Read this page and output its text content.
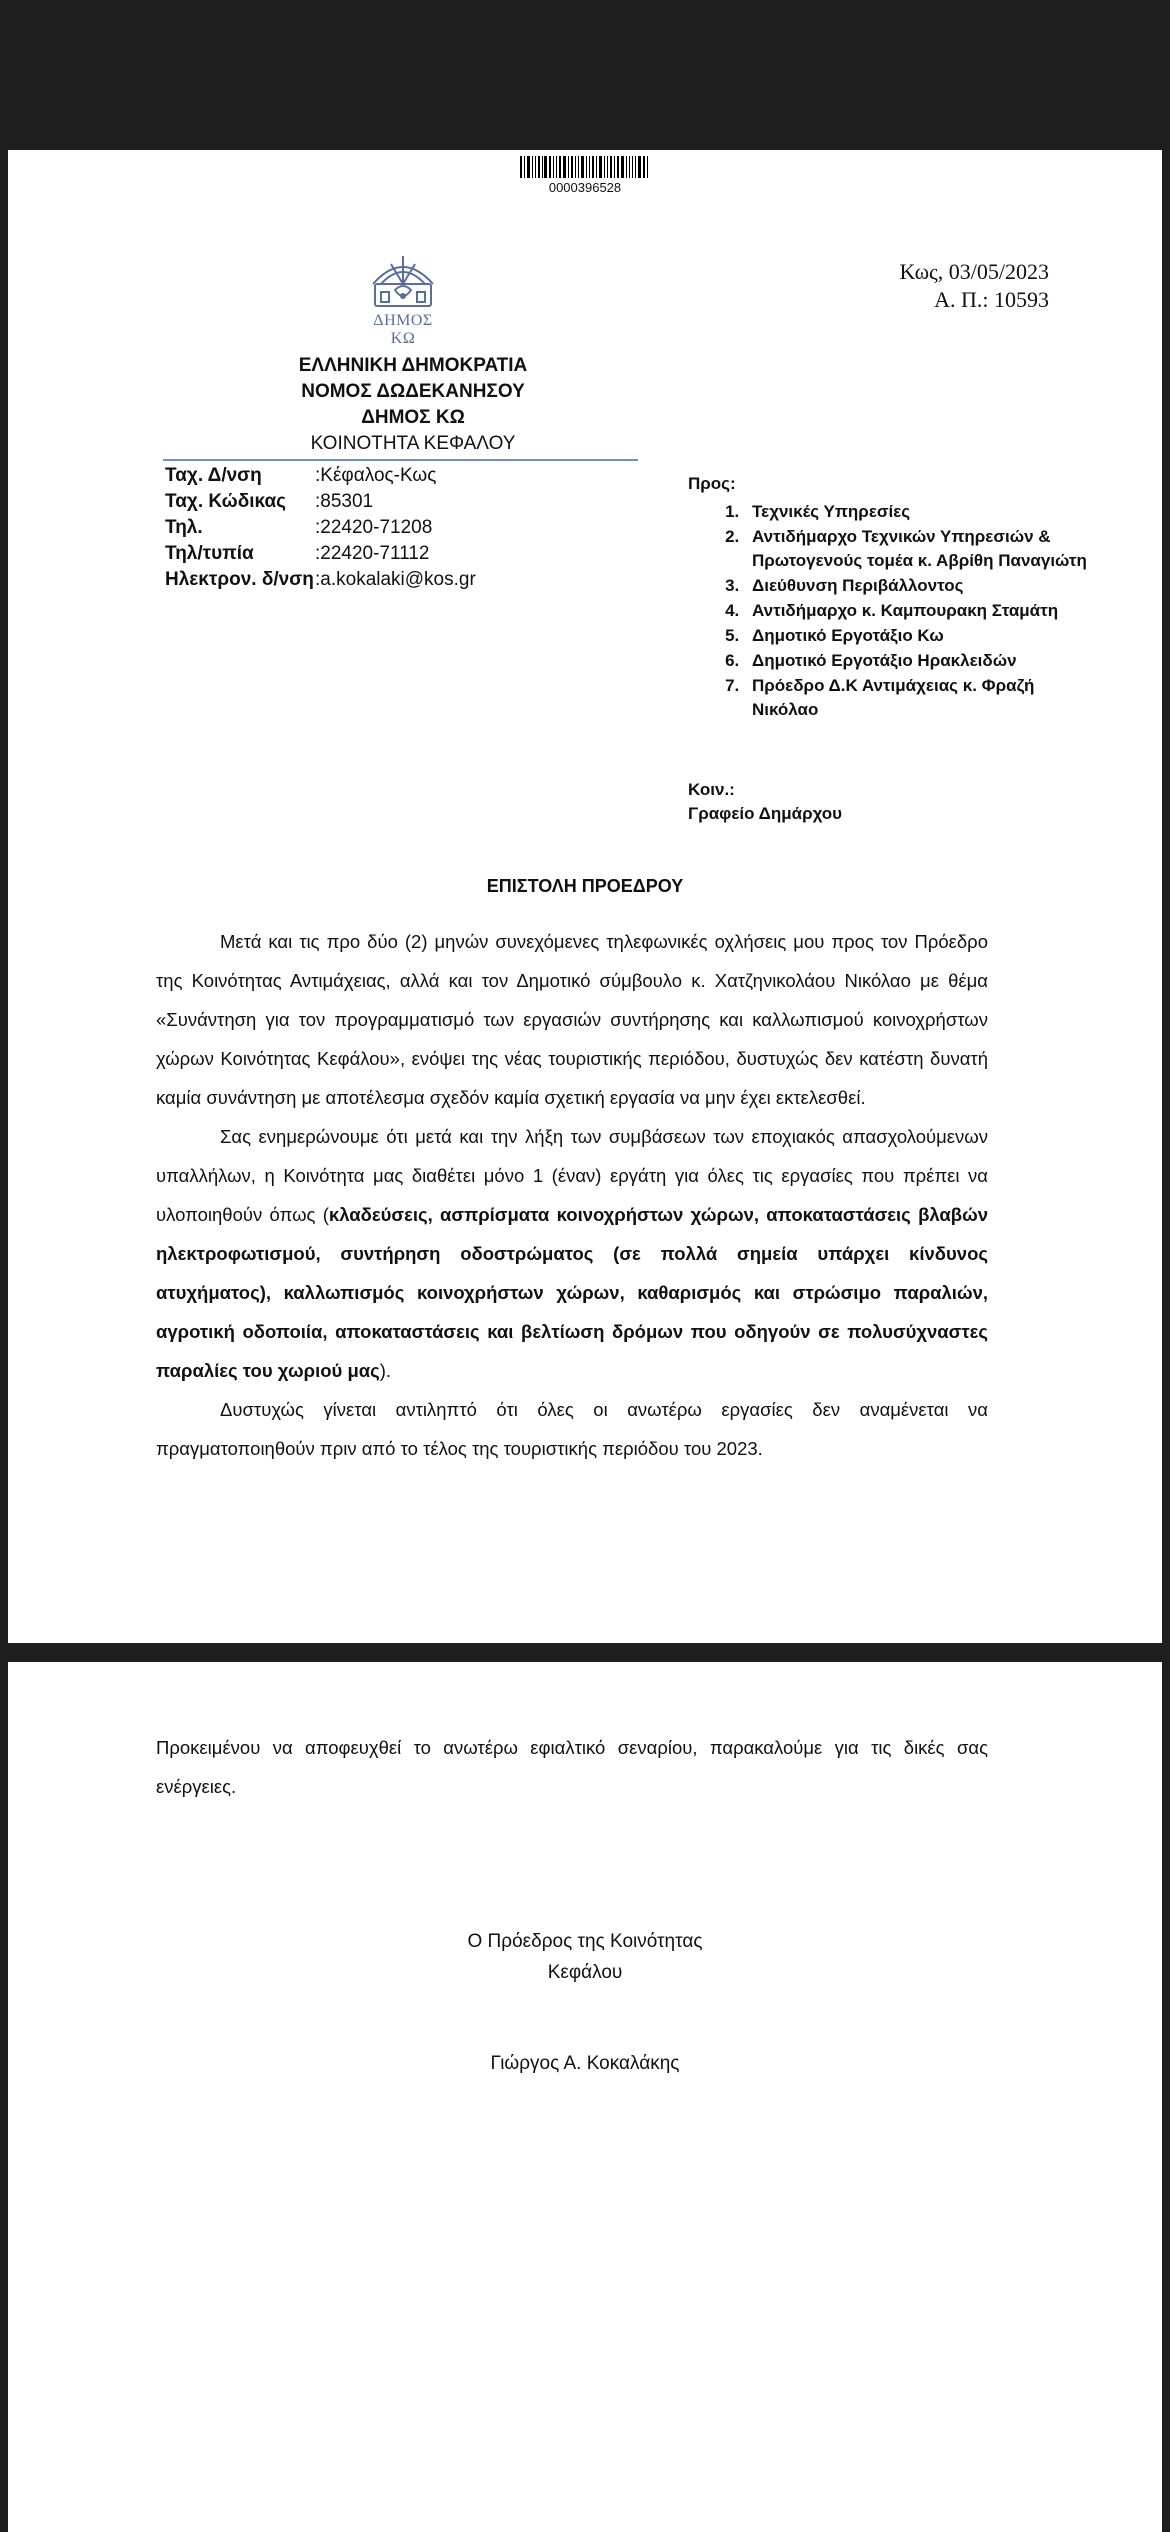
0000396528
ΔΗΜΟΣ ΚΩ
Κως, 03/05/2023
Α. Π.: 10593
ΕΛΛΗΝΙΚΗ ΔΗΜΟΚΡΑΤΙΑ
ΝΟΜΟΣ ΔΩΔΕΚΑΝΗΣΟΥ
ΔΗΜΟΣ ΚΩ
ΚΟΙΝΟΤΗΤΑ ΚΕΦΑΛΟΥ
Ταχ. Δ/νση	:Κέφαλος-Κως
Ταχ. Κώδικας	:85301
Τηλ.	:22420-71208
Τηλ/τυπία	:22420-71112
Ηλεκτρον. δ/νση :a.kokalaki@kos.gr
Προς:
1. Τεχνικές Υπηρεσίες
2. Αντιδήμαρχο Τεχνικών Υπηρεσιών & Πρωτογενούς τομέα κ. Αβρίθη Παναγιώτη
3. Διεύθυνση Περιβάλλοντος
4. Αντιδήμαρχο κ. Καμπουρακη Σταμάτη
5. Δημοτικό Εργοτάξιο Κω
6. Δημοτικό Εργοτάξιο Ηρακλειδών
7. Πρόεδρο Δ.Κ Αντιμάχειας κ. Φραζή Νικόλαο
Κοιν.:
Γραφείο Δημάρχου
ΕΠΙΣΤΟΛΗ ΠΡΟΕΔΡΟΥ

Μετά και τις προ δύο (2) μηνών συνεχόμενες τηλεφωνικές οχλήσεις μου προς τον Πρόεδρο της Κοινότητας Αντιμάχειας, αλλά και τον Δημοτικό σύμβουλο κ. Χατζηνικολάου Νικόλαο με θέμα «Συνάντηση για τον προγραμματισμό των εργασιών συντήρησης και καλλωπισμού κοινοχρήστων χώρων Κοινότητας Κεφάλου», ενόψει της νέας τουριστικής περιόδου, δυστυχώς δεν κατέστη δυνατή καμία συνάντηση με αποτέλεσμα σχεδόν καμία σχετική εργασία να μην έχει εκτελεσθεί.

Σας ενημερώνουμε ότι μετά και την λήξη των συμβάσεων των εποχιακός απασχολούμενων υπαλλήλων, η Κοινότητα μας διαθέτει μόνο 1 (έναν) εργάτη για όλες τις εργασίες που πρέπει να υλοποιηθούν όπως (κλαδεύσεις, ασπρίσματα κοινοχρήστων χώρων, αποκαταστάσεις βλαβών ηλεκτροφωτισμού, συντήρηση οδοστρώματος (σε πολλά σημεία υπάρχει κίνδυνος ατυχήματος), καλλωπισμός κοινοχρήστων χώρων, καθαρισμός και στρώσιμο παραλιών, αγροτική οδοποιία, αποκαταστάσεις και βελτίωση δρόμων που οδηγούν σε πολυσύχναστες παραλίες του χωριού μας).

Δυστυχώς γίνεται αντιληπτό ότι όλες οι ανωτέρω εργασίες δεν αναμένεται να πραγματοποιηθούν πριν από το τέλος της τουριστικής περιόδου του 2023.

Προκειμένου να αποφευχθεί το ανωτέρω εφιαλτικό σεναρίου, παρακαλούμε για τις δικές σας ενέργειες.
Ο Πρόεδρος της Κοινότητας
Κεφάλου
Γιώργος Α. Κοκαλάκης
